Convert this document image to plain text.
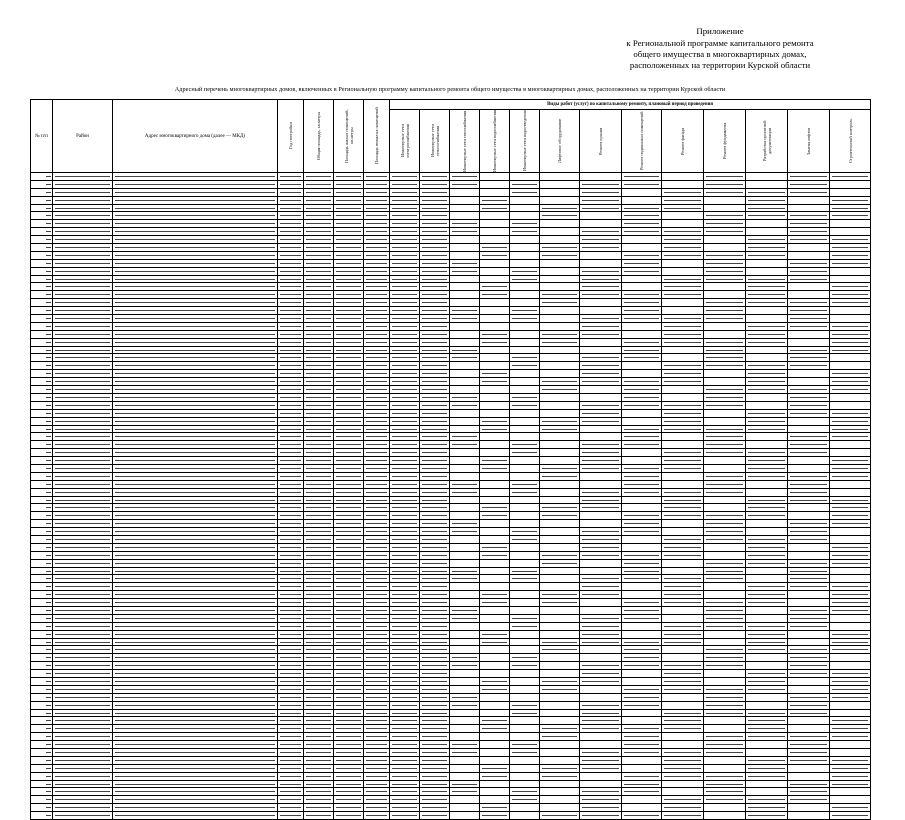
Приложение
к Региональной программе капитального ремонта
общего имущества в многоквартирных домах,
расположенных на территории Курской области
Адресный перечень многоквартирных домов, включенных в Региональную программу капитального ремонта общего имущества в многоквартирных домах, расположенных на территории Курской области
№ п/п	Район	Адрес многоквартирного дома (далее — МКД)	Год постройки	Общая площадь, кв.метры	Площадь жилых помещений, кв.метры	Площадь нежилых помещений	Виды работ (услуг) по капитальному ремонту, плановый период проведения												

							Инженерные сети электроснабжения	Инженерные сети теплоснабжения	Инженерные сети газоснабжения	Инженерные сети водоснабжения	Инженерные сети водоотведения	Лифтовое оборудование	Ремонт крыши	Ремонт подвальных помещений	Ремонт фасада	Ремонт фундамента	Разработка проектной документации	Замена лифтов	Строительный контроль
